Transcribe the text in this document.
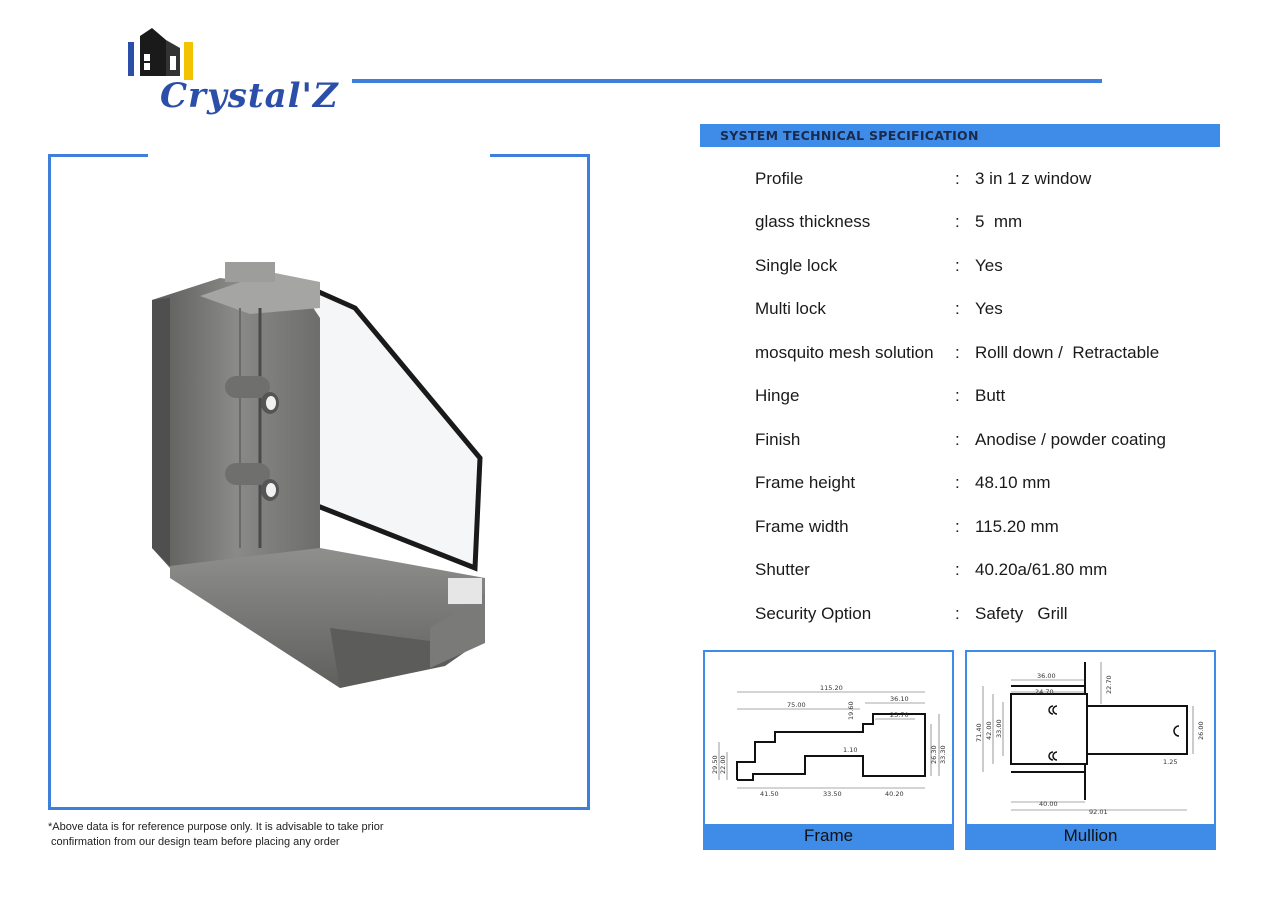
Crystal'Z
*Above data is for reference purpose only. It is advisable to take prior
confirmation from our design team before placing any order
SYSTEM TECHNICAL SPECIFICATION
Profile	: 3 in 1 z window
glass thickness	: 5  mm
Single lock	: Yes
Multi lock	: Yes
mosquito mesh solution : Rolll down /  Retractable
Hinge	: Butt
Finish	: Anodise / powder coating
Frame height	: 48.10 mm
Frame width	: 115.20 mm
Shutter	: 40.20a/61.80 mm
Security Option	: Safety   Grill
115.20
75.00
36.10
19.60	23.70
1.10
29.50 22.00
26.30 33.30
41.50	33.50	40.20
Frame
36.00
24.70	22.70
71.40 42.00 33.00	26.00
1.25
40.00
92.01
Mullion
